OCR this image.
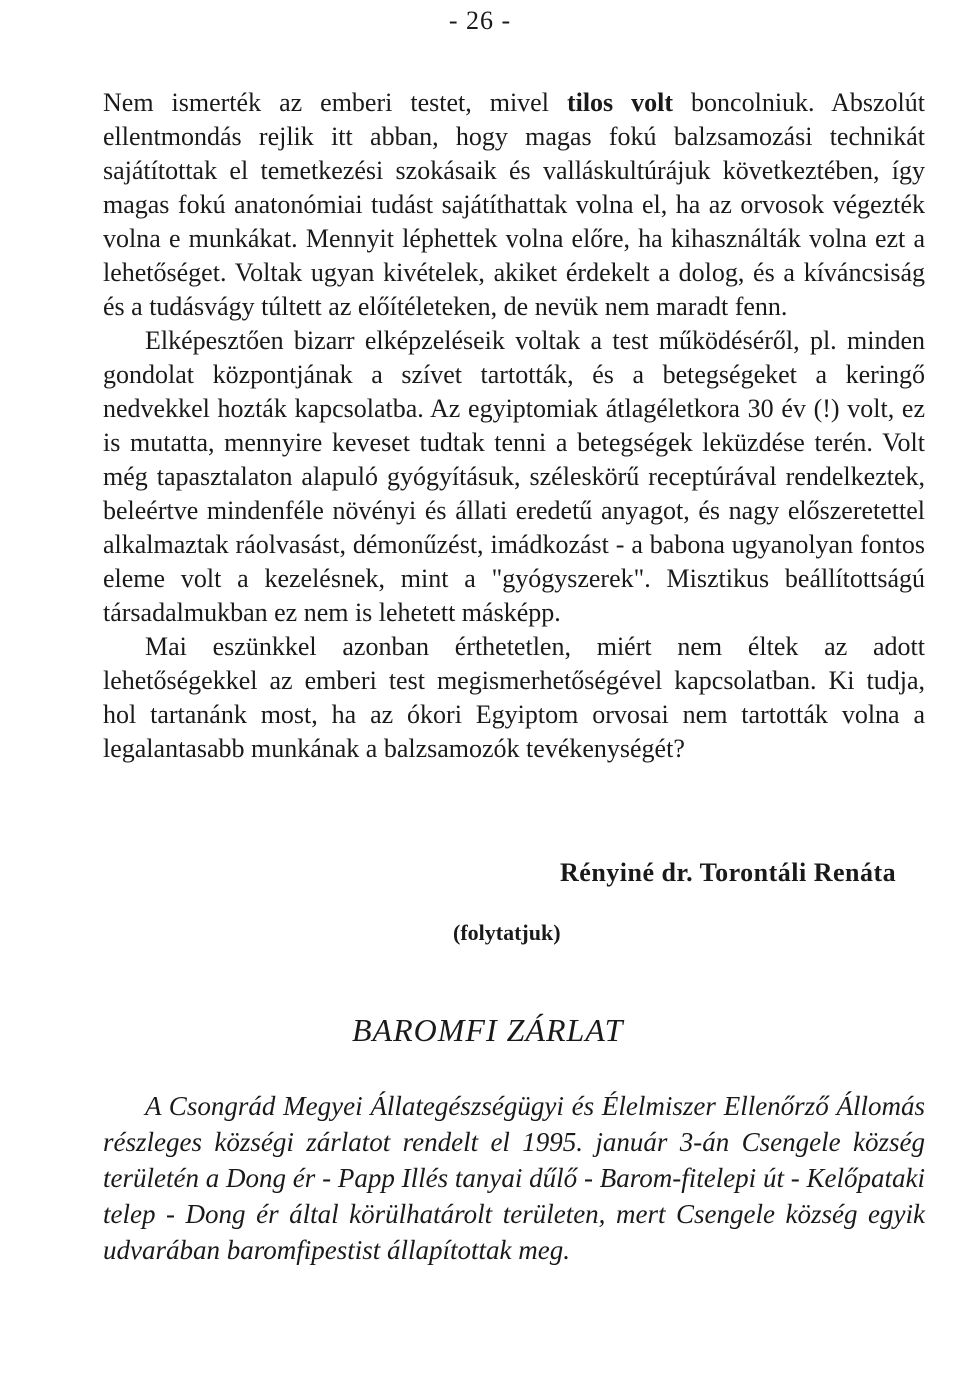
- 26 -

Nem ismerték az emberi testet, mivel tilos volt boncolniuk. Abszolút ellentmondás rejlik itt abban, hogy magas fokú balzsamozási technikát sajátítottak el temetkezési szokásaik és valláskultúrájuk következtében, így magas fokú anatonómiai tudást sajátíthattak volna el, ha az orvosok végezték volna e munkákat. Mennyit léphettek volna előre, ha kihasználták volna ezt a lehetőséget. Voltak ugyan kivételek, akiket érdekelt a dolog, és a kíváncsiság és a tudásvágy túltett az előítéleteken, de nevük nem maradt fenn.

Elképesztően bizarr elképzeléseik voltak a test működéséről, pl. minden gondolat központjának a szívet tartották, és a betegségeket a keringő nedvekkel hozták kapcsolatba. Az egyiptomiak átlagéletkora 30 év (!) volt, ez is mutatta, mennyire keveset tudtak tenni a betegségek leküzdése terén. Volt még tapasztalaton alapuló gyógyításuk, széleskörű receptúrával rendelkeztek, beleértve mindenféle növényi és állati eredetű anyagot, és nagy előszeretettel alkalmaztak ráolvasást, démonűzést, imádkozást - a babona ugyanolyan fontos eleme volt a kezelésnek, mint a "gyógyszerek". Misztikus beállítottságú társadalmukban ez nem is lehetett másképp.

Mai eszünkkel azonban érthetetlen, miért nem éltek az adott lehetőségekkel az emberi test megismerhetőségével kapcsolatban. Ki tudja, hol tartanánk most, ha az ókori Egyiptom orvosai nem tartották volna a legalantasabb munkának a balzsamozók tevékenységét?

Rényiné dr. Torontáli Renáta
(folytatjuk)
BAROMFI ZÁRLAT

A Csongrád Megyei Állategészségügyi és Élelmiszer Ellenőrző Állomás részleges községi zárlatot rendelt el 1995. január 3-án Csengele község területén a Dong ér - Papp Illés tanyai dűlő - Barom-fitelepi út - Kelőpataki telep - Dong ér által körülhatárolt területen, mert Csengele község egyik udvarában baromfipestist állapítottak meg.
